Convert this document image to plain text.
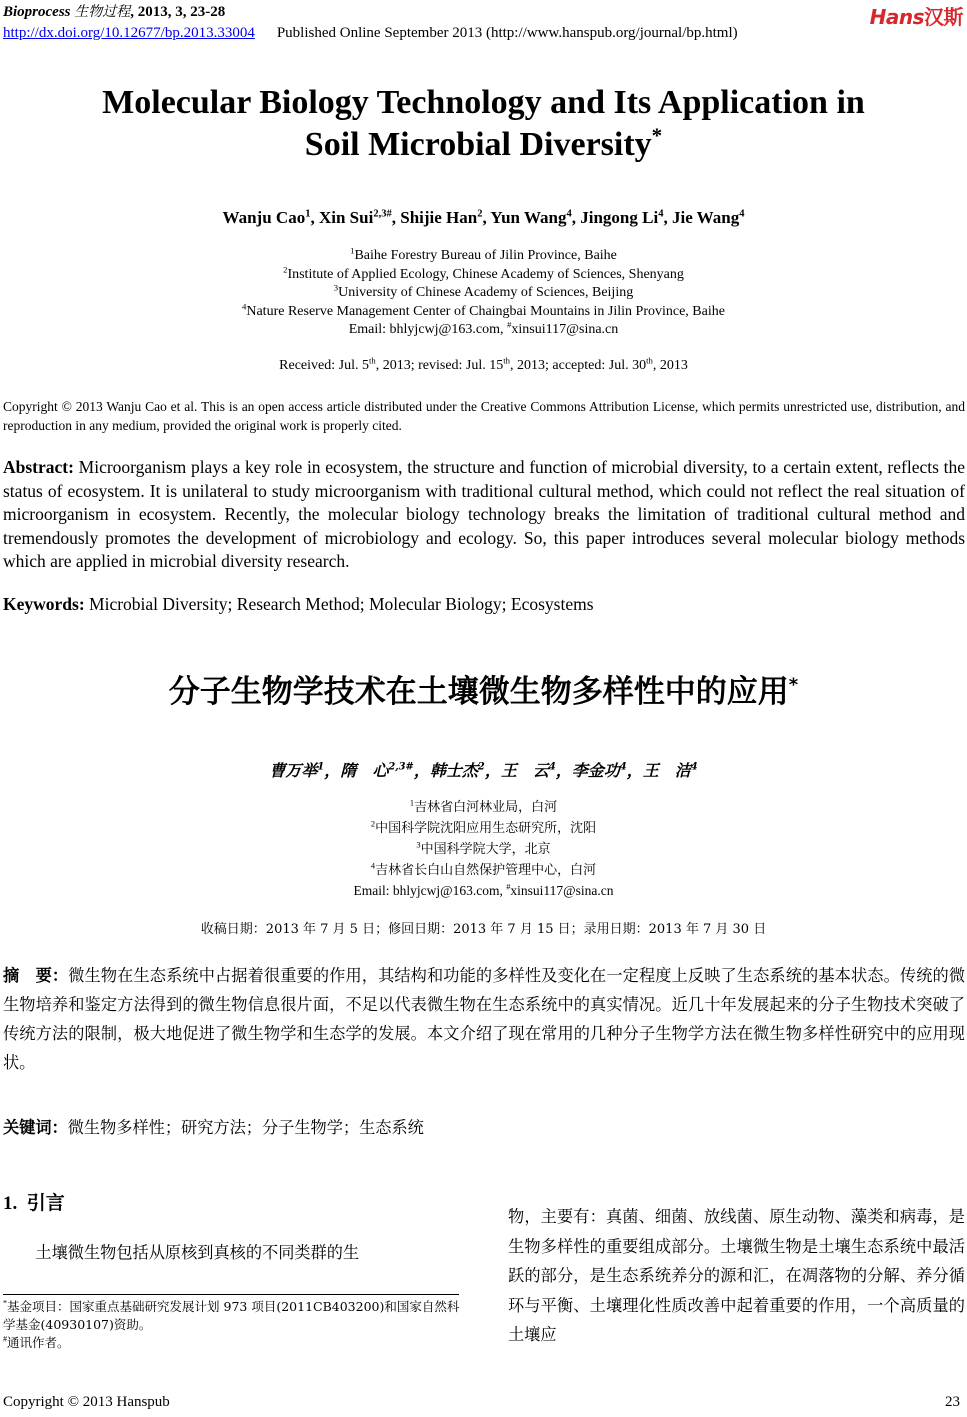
Bioprocess 生物过程, 2013, 3, 23-28
http://dx.doi.org/10.12677/bp.2013.33004 Published Online September 2013 (http://www.hanspub.org/journal/bp.html)
Hans汉斯
Molecular Biology Technology and Its Application in
Soil Microbial Diversity*
Wanju Cao$^1$, Xin Sui$^{2,3\#}$, Shijie Han$^2$, Yun Wang$^4$, Jingong Li$^4$, Jie Wang$^4$
$^1$Baihe Forestry Bureau of Jilin Province, Baihe
$^2$Institute of Applied Ecology, Chinese Academy of Sciences, Shenyang
$^3$University of Chinese Academy of Sciences, Beijing
$^4$Nature Reserve Management Center of Chaingbai Mountains in Jilin Province, Baihe
Email: bhlyjcwj@163.com, #xinsui117@sina.cn
Received: Jul. 5th, 2013; revised: Jul. 15th, 2013; accepted: Jul. 30th, 2013
Copyright © 2013 Wanju Cao et al. This is an open access article distributed under the Creative Commons Attribution License, which permits unrestricted use, distribution, and reproduction in any medium, provided the original work is properly cited.
Abstract: Microorganism plays a key role in ecosystem, the structure and function of microbial diversity, to a certain extent, reflects the status of ecosystem. It is unilateral to study microorganism with traditional cultural method, which could not reflect the real situation of microorganism in ecosystem. Recently, the molecular biology technology breaks the limitation of traditional cultural method and tremendously promotes the development of microbiology and ecology. So, this paper introduces several molecular biology methods which are applied in microbial diversity research.
Keywords: Microbial Diversity; Research Method; Molecular Biology; Ecosystems
分子生物学技术在土壤微生物多样性中的应用*
曹万举$^1$，隋　心$^{2,3\#}$，韩士杰$^2$，王　云$^4$，李金功$^4$，王　洁$^4$
$^1$吉林省白河林业局，白河
$^2$中国科学院沈阳应用生态研究所，沈阳
$^3$中国科学院大学，北京
$^4$吉林省长白山自然保护管理中心，白河
Email: bhlyjcwj@163.com, #xinsui117@sina.cn
收稿日期：2013 年 7 月 5 日；修回日期：2013 年 7 月 15 日；录用日期：2013 年 7 月 30 日
摘　要：微生物在生态系统中占据着很重要的作用，其结构和功能的多样性及变化在一定程度上反映了生态系统的基本状态。传统的微生物培养和鉴定方法得到的微生物信息很片面，不足以代表微生物在生态系统中的真实情况。近几十年发展起来的分子生物技术突破了传统方法的限制，极大地促进了微生物学和生态学的发展。本文介绍了现在常用的几种分子生物学方法在微生物多样性研究中的应用现状。
关键词：微生物多样性；研究方法；分子生物学；生态系统
1. 引言
土壤微生物包括从原核到真核的不同类群的生
*基金项目：国家重点基础研究发展计划 973 项目(2011CB403200)和国家自然科学基金(40930107)资助。
#通讯作者。
物，主要有：真菌、细菌、放线菌、原生动物、藻类和病毒，是生物多样性的重要组成部分。土壤微生物是土壤生态系统中最活跃的部分，是生态系统养分的源和汇，在凋落物的分解、养分循环与平衡、土壤理化性质改善中起着重要的作用，一个高质量的土壤应
Copyright © 2013 Hanspub	23
